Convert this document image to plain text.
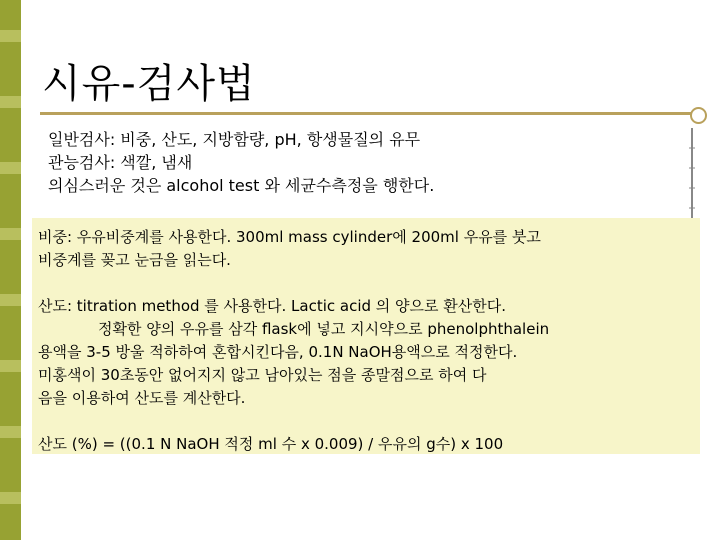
시유-검사법
일반검사: 비중, 산도, 지방함량, pH, 항생물질의 유무
관능검사: 색깔, 냄새
의심스러운 것은 alcohol test 와 세균수측정을 행한다.
비중: 우유비중계를 사용한다. 300ml mass cylinder에 200ml 우유를 붓고
비중계를 꽂고 눈금을 읽는다.
산도: titration method 를 사용한다. Lactic acid 의 양으로 환산한다.
정확한 양의 우유를 삼각 flask에 넣고 지시약으로 phenolphthalein
용액을 3-5 방울 적하하여 혼합시킨다음, 0.1N NaOH용액으로 적정한다.
미홍색이 30초동안 없어지지 않고 남아있는 점을 종말점으로 하여 다
음을 이용하여 산도를 계산한다.
산도 (%) = ((0.1 N NaOH 적정 ml 수 x 0.009) / 우유의 g수) x 100
